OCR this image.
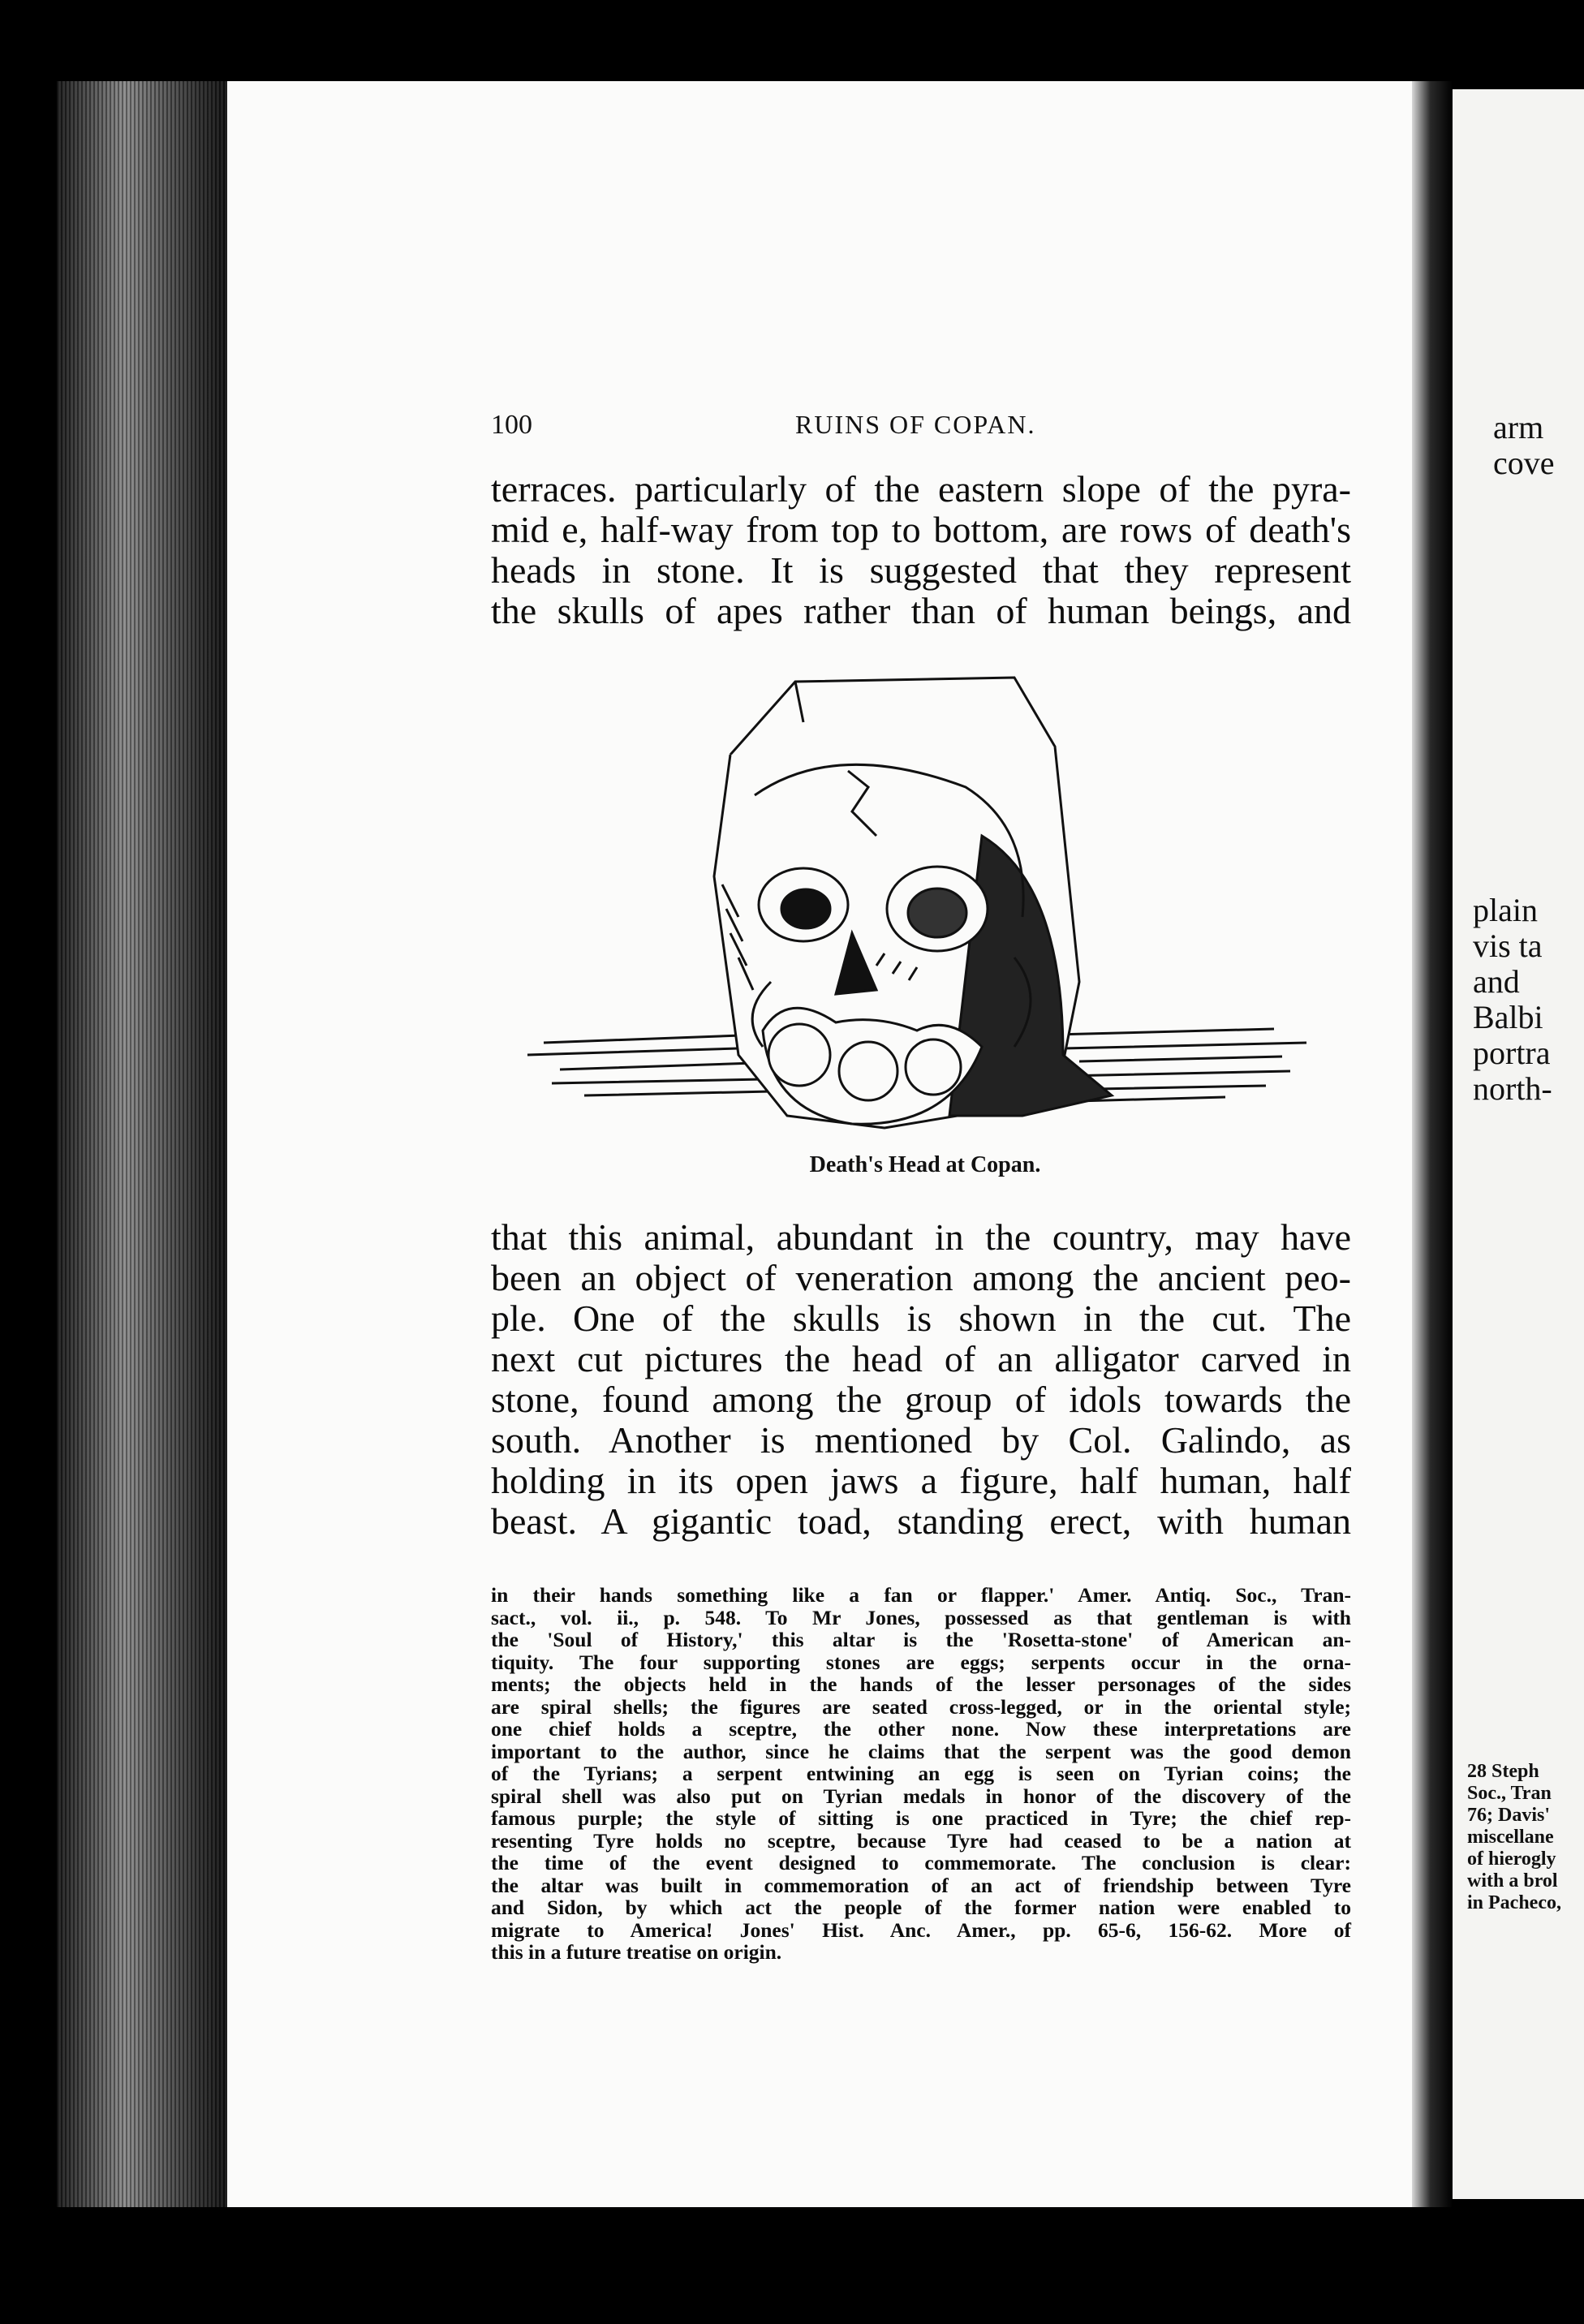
100	RUINS OF COPAN.

terraces. particularly of the eastern slope of the pyra-
mid e, half-way from top to bottom, are rows of death's
heads in stone. It is suggested that they represent
the skulls of apes rather than of human beings, and

Death's Head at Copan.

that this animal, abundant in the country, may have
been an object of veneration among the ancient peo-
ple. One of the skulls is shown in the cut. The
next cut pictures the head of an alligator carved in
stone, found among the group of idols towards the
south. Another is mentioned by Col. Galindo, as
holding in its open jaws a figure, half human, half
beast. A gigantic toad, standing erect, with human

in their hands something like a fan or flapper.' Amer. Antiq. Soc., Tran-
sact., vol. ii., p. 548. To Mr Jones, possessed as that gentleman is with
the 'Soul of History,' this altar is the 'Rosetta-stone' of American an-
tiquity. The four supporting stones are eggs; serpents occur in the orna-
ments; the objects held in the hands of the lesser personages of the sides
are spiral shells; the figures are seated cross-legged, or in the oriental style;
one chief holds a sceptre, the other none. Now these interpretations are
important to the author, since he claims that the serpent was the good demon
of the Tyrians; a serpent entwining an egg is seen on Tyrian coins; the
spiral shell was also put on Tyrian medals in honor of the discovery of the
famous purple; the style of sitting is one practiced in Tyre; the chief rep-
resenting Tyre holds no sceptre, because Tyre had ceased to be a nation at
the time of the event designed to commemorate. The conclusion is clear:
the altar was built in commemoration of an act of friendship between Tyre
and Sidon, by which act the people of the former nation were enabled to
migrate to America! Jones' Hist. Anc. Amer., pp. 65-6, 156-62. More of
this in a future treatise on origin.

arm
cove
plain
vis ta
and
Balbi
portra
north-
28 Steph
Soc., Tran
76; Davis'
miscellane
of hierogly
with a brol
in Pacheco,
